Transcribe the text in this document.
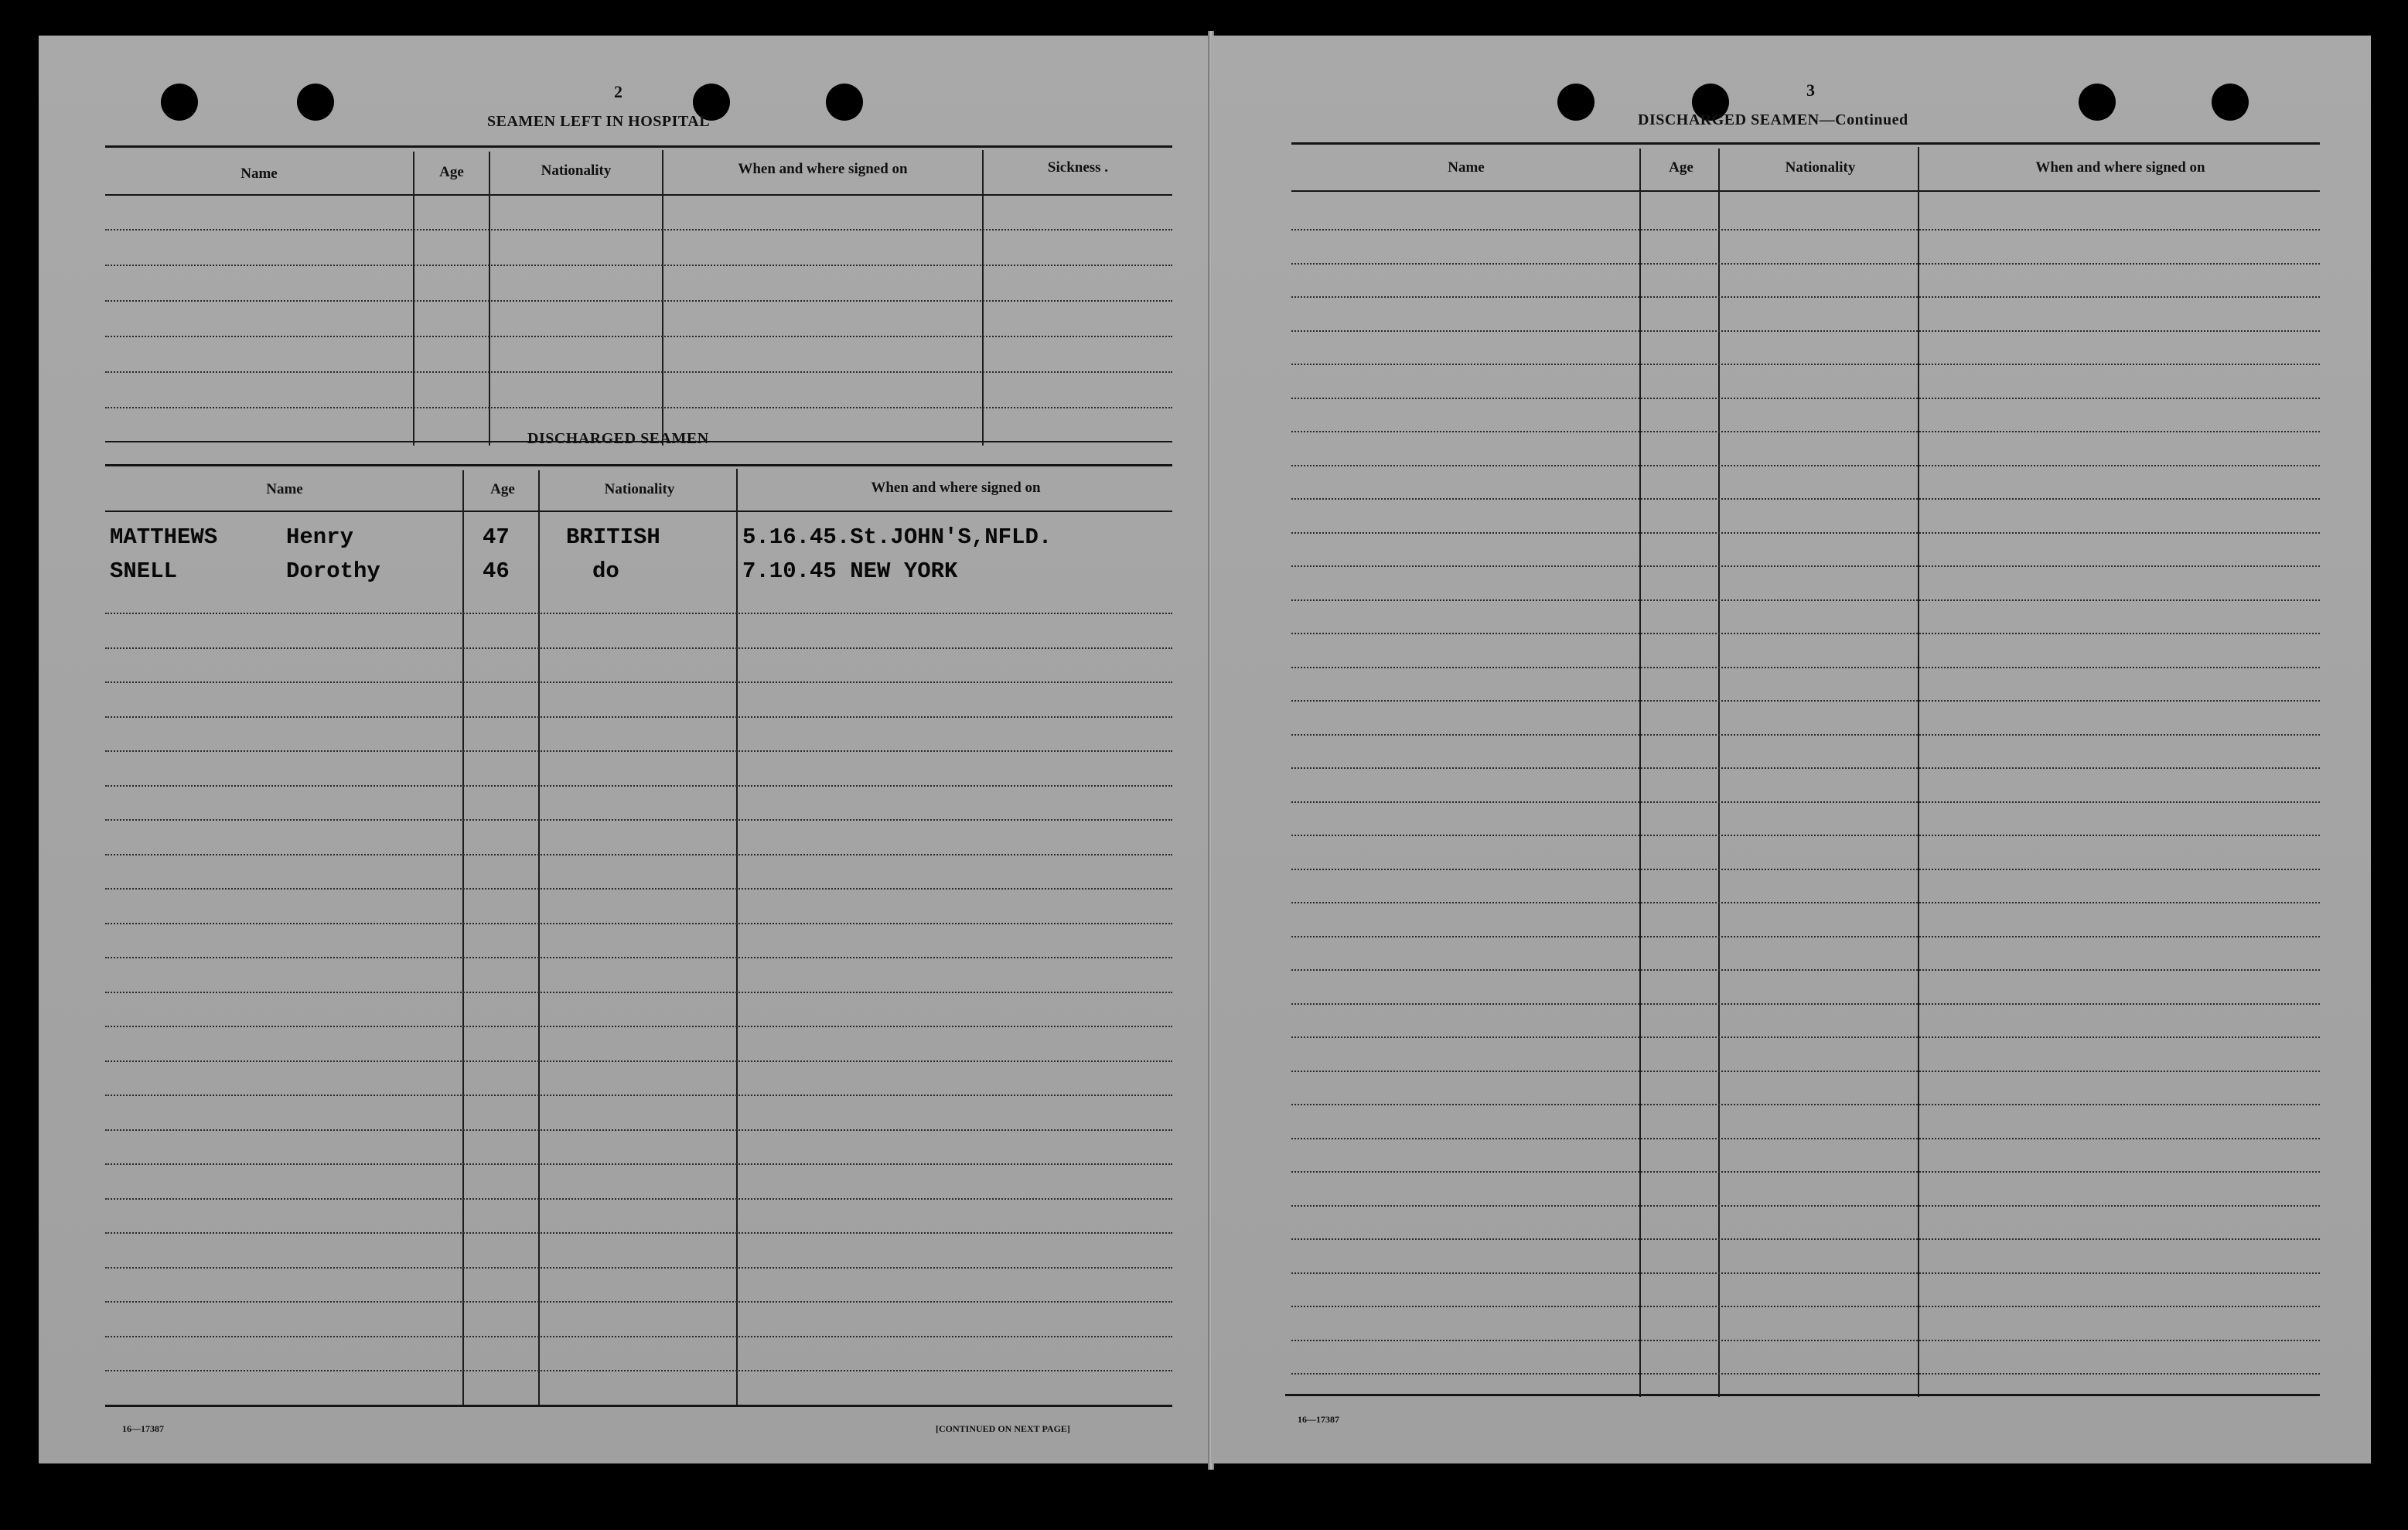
2
SEAMEN LEFT IN HOSPITAL
Name	Age	Nationality	When and where signed on	Sickness .
DISCHARGED SEAMEN
Name	Age	Nationality	When and where signed on
MATTHEWS	Henry	47	BRITISH	5.16.45.St.JOHN'S,NFLD.
SNELL	Dorothy	46	do	7.10.45 NEW YORK
16—17387	[CONTINUED ON NEXT PAGE]
3
DISCHARGED SEAMEN—Continued
Name	Age	Nationality	When and where signed on
16—17387
